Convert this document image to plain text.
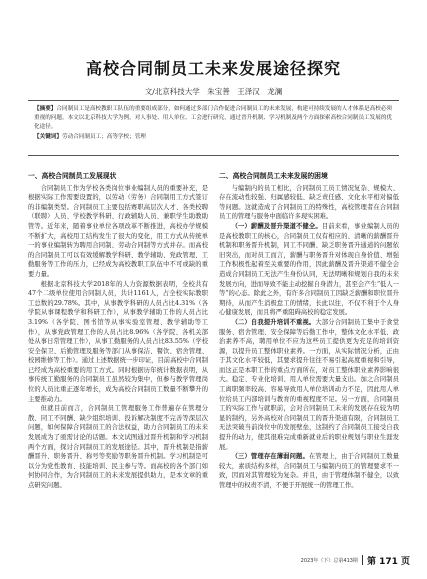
高校合同制员工未来发展途径探究
文/北京科技大学　朱宝善　王泽汉　龙澜

【摘要】合同制员工是高校教职工队伍的重要组成部分，如何通过多部门合作促进合同制员工的未来发展，构建可持续发展的人才体系是高校必须重视的问题。本文以北京科技大学为例，对人事处、用人单位、工会进行研究，通过晋升机制、学习机制及两个方面探索高校合同制员工发展的优化途径。

【关键词】劳动合同制员工；高等学校；管理

一、高校合同制员工发展现状

合同制员工作为学校各类岗位事业编制人员的重要补充，是根据实际工作需要设置的，以劳动（劳务）合同制用工方式签订的非编制类型。合同制员工主要包括赛职高层次人才、各类校聘（联聘）人员、学校教学科研、行政辅助人员、兼职学生助教助管等。近年来，随着事业单位各项改革不断推进，高校办学规模不断扩大，高校用工结构发生了很大的变化，用工方式从传统单一的事业编制转为聘用合同制、劳动合同制等方式并存。而高校的合同制员工可以有效缓解教学科研、教学辅助、党政管理、工勤服务等工作的压力，已经成为高校教职工队伍中不可或缺的重要力量。

根据北京科技大学2018年的人力资源数据表明，全校共有47个二级单位使用合同制人员，共计1161人，占全校实际教职工总数的29.78%。其中，从事教学科研的人员占比4.31%（各学院从事课程教学和科研工作），从事教学辅助工作的人员占比3.19%（各学院、图书馆等从事实验室管理、教学辅助等工作），从事党政管理工作的人员占比8.96%（各学院、各机关部处从事日常管理工作），从事工勤服务的人员占比83.55%（学校安全保卫、后勤管理及服务等部门从事保洁、餐饮、宿舍管理、校园维修等工作）。通过上述数据统一步印证，目前高校中合同制已经成为高校重要的用工方式。同时根据历年统计数据表明，从事传统工勤服务的合同制员工虽然较为集中，但参与教学管理岗位的人员比重正逐年增长，成为高校合同制员工数量不断攀升的主要推动力。

但就目前而言，合同制员工管理服务工作普遍存在管理分散、同工不同酬、缺少组织培训、投诉解决制度不完善等深层次问题，如何保障合同制员工的合法权益，助力合同制员工的未来发展成为了亟需讨论的话题。本文试图通过晋升机制和学习机制两个方面，探讨合同制员工的发展途径。其中，晋升机制是指薪酬晋升、职务晋升、称号等奖励等职务晋升机制。学习机制是可以分为党性教育、技能培训、民主参与等。而高校的各个部门如何协同合作，为合同制员工的未来发展提供助力，是本文章的重点研究问题。

二、高校合同制员工未来发展的困境

与编制内的员工相比，合同制员工员工情况复杂、规模大、存在流动性较强、归属感较低、缺乏责任感、文化水平相对偏低等问题。这就造成了合同制员工的特殊性，高校管理者在合同制员工的管理与服务中面临许多现实困难。

（一）薪酬及晋升渠道不健全。目前来看，事业编制人员的是高校教职工的核心，合同制员工仅有相应的、清晰的薪酬晋升机制和职务晋升机制，同工不同酬、缺乏职务晋升通道的问题依旧突出，而对员工而言，薪酬与职务晋升对体现自身价值、增强工作积极性起着至关重要的作用，因此薪酬及晋升渠道不健全会造成合同制员工无法产生身份认同，无法明晰和规划自我的未来发展方向，进而导致不能主动挖掘自身潜力，甚至会产生“低人一等”的心态。除此之外，有许多合同制员工因缺乏薪酬和职位晋升期待，从而产生消极怠工的情绪，长此以往，不仅不利于个人身心健康发展，而且将严重阻碍高校的稳定发展。

（二）自我提升培训不重视。大部分合同制员工集中于食堂服务、宿舍管理、安全保障等后勤工作中，整体文化水平低、政治素养不高，聘用单位不应为这些员工提供更为充足的培训资源，以提升员工整体职业素养。一方面，从实际情况分析，正由于其文化水平较低，其要求提升往往不易引起高度重视和引导，而这正是本职工作的重点方面所在，对员工整体职业素养影响很大。稳定、专业化培训、用人单位需要大量支出。加之合同制员工离职频率较高、容易导致用人单位培训动力不足，因此用人单位给员工内部培训与教育的重视程度不足。另一方面，合同制员工的实际工作与就职前，会对合同制员工未来的发展存在较为明显的制约，另外高校对合同制员工的晋升渠道有限，合同制员工无法突破当前岗位中的发展壁垒，这制约了合同制员工接受自我提升的动力，使其很难完成重新就业后的职业规划与职业生涯发展。

（三）管理存在薄弱问题。在管理上，由于合同制员工数量较大，素质结构多样，合同制员工与编制内员工的管理要求不一致，因而对其管理较为复杂。并且，由于管理体制不健全，以致管理中的权责不清，不便于开展统一的管理工作。

2023年（下）总第413期 第 171 页
